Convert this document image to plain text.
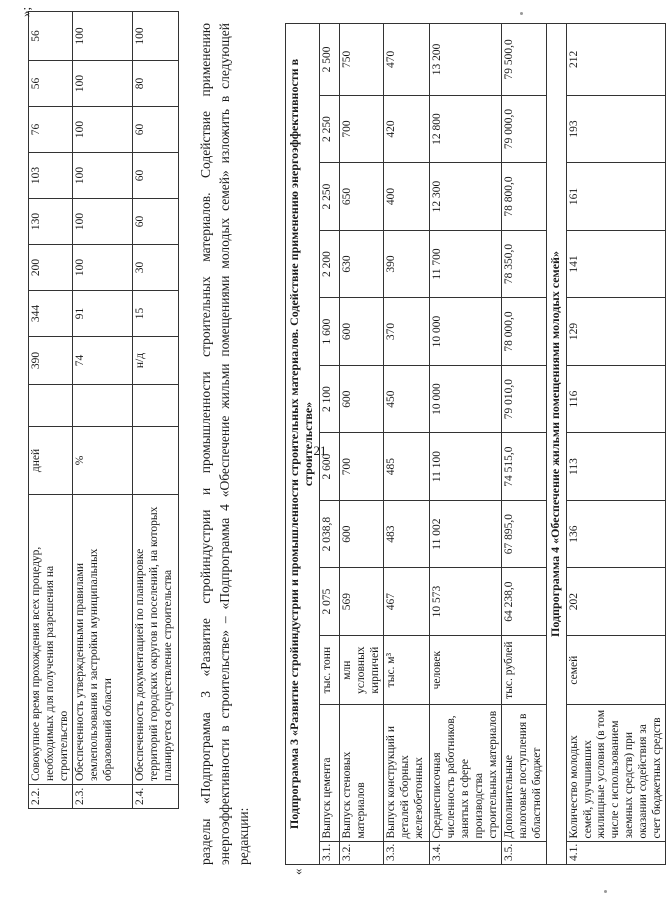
21
2.2.	Совокупное время прохождения всех процедур, необходимых для получения разрешения на строительство	дней		390	344	200	130	103	76	56	56	
2.3.	Обеспеченность утвержденными правилами землепользования и застройки муниципальных образований области	%		74	91	100	100	100	100	100	100	
2.4.	Обеспеченность документацией по планировке территорий городских округов и поселений, на которых планируется осуществление строительства			н/д	15	30	60	60	60	80	100	
»;
разделы «Подпрограмма 3 «Развитие стройиндустрии и промышленности строительных материалов. Содействие применению энергоэффективности в строительстве» – «Подпрограмма 4 «Обеспечение жильми помещениями молодых семей» изложить в следующей редакции:
«
Подпрограмма 3 «Развитие стройиндустрии и промышленности строительных материалов. Содействие применению энергоэффективности в строительстве»											
3.1.	Выпуск цемента	тыс. тонн	2 075	2 038,8	2 600	2 100	1 600	2 200	2 250	2 250	2 500
3.2.	Выпуск стеновых материалов	млн условных кирпичей	569	600	700	600	600	630	650	700	750
3.3.	Выпуск конструкций и деталей сборных железобетонных	тыс. м³	467	483	485	450	370	390	400	420	470
3.4.	Среднесписочная численность работников, занятых в сфере производства строительных материалов	человек	10 573	11 002	11 100	10 000	10 000	11 700	12 300	12 800	13 200
3.5.	Дополнительные налоговые поступления в областной бюджет	тыс. рублей	64 238,0	67 895,0	74 515,0	79 010,0	78 000,0	78 350,0	78 800,0	79 000,0	79 500,0
Подпрограмма 4 «Обеспечение жильми помещениями молодых семей»											
4.1.	Количество молодых семей, улучшивших жилищные условия (в том числе с использованием заемных средств) при оказании содействия за счет бюджетных средств	семей	202	136	113	116	129	141	161	193	212
